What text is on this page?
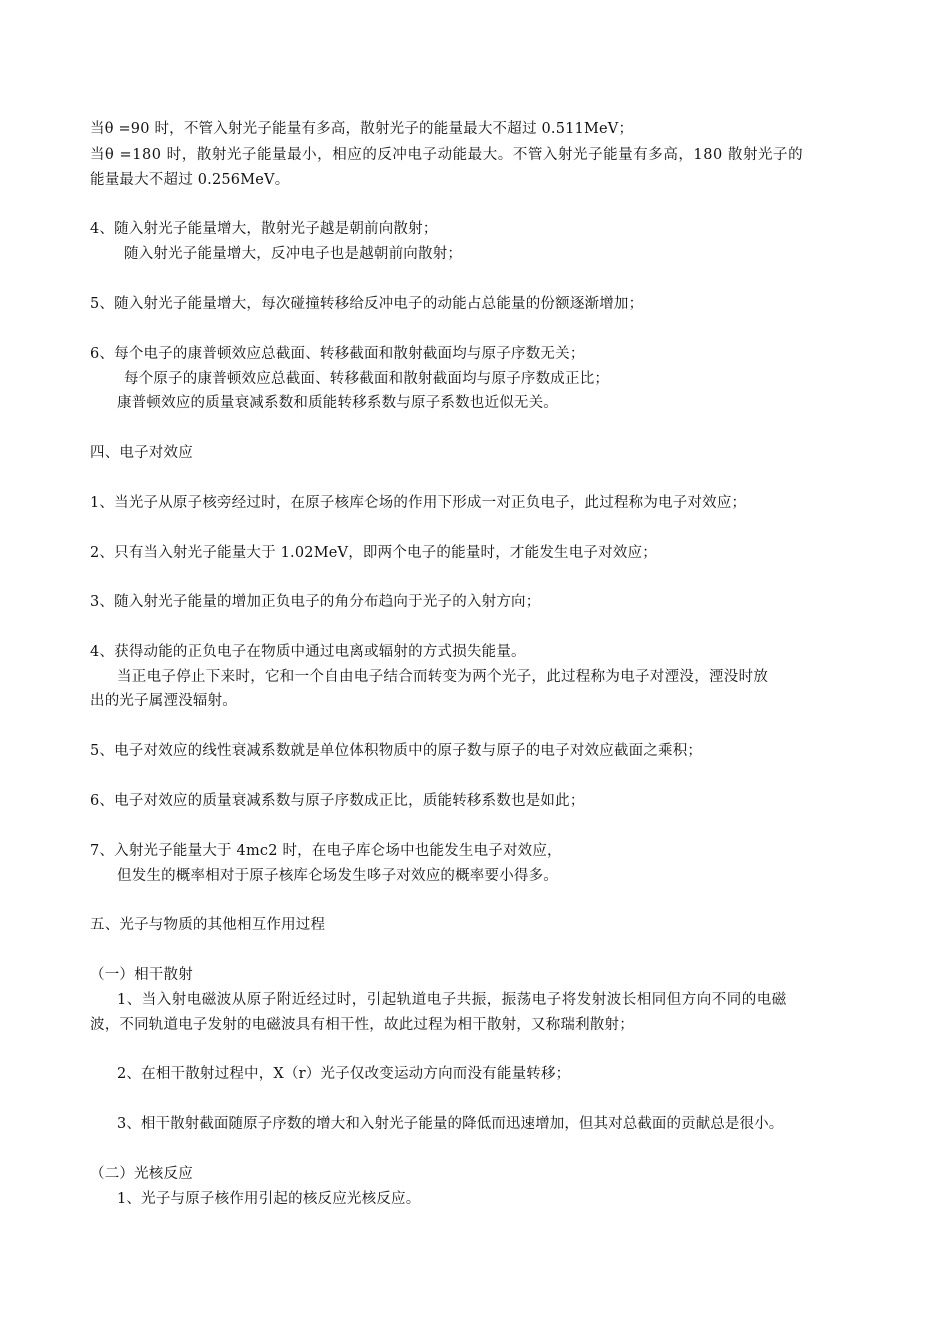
当θ =90 时，不管入射光子能量有多高，散射光子的能量最大不超过 0.511MeV；
当θ =180 时，散射光子能量最小，相应的反冲电子动能最大。不管入射光子能量有多高，180 散射光子的
能量最大不超过 0.256MeV。
4、随入射光子能量增大，散射光子越是朝前向散射；
随入射光子能量增大，反冲电子也是越朝前向散射；
5、随入射光子能量增大，每次碰撞转移给反冲电子的动能占总能量的份额逐渐增加；
6、每个电子的康普顿效应总截面、转移截面和散射截面均与原子序数无关；
每个原子的康普顿效应总截面、转移截面和散射截面均与原子序数成正比；
康普顿效应的质量衰减系数和质能转移系数与原子系数也近似无关。
四、电子对效应
1、当光子从原子核旁经过时，在原子核库仑场的作用下形成一对正负电子，此过程称为电子对效应；
2、只有当入射光子能量大于 1.02MeV，即两个电子的能量时，才能发生电子对效应；
3、随入射光子能量的增加正负电子的角分布趋向于光子的入射方向；
4、获得动能的正负电子在物质中通过电离或辐射的方式损失能量。
当正电子停止下来时，它和一个自由电子结合而转变为两个光子，此过程称为电子对湮没，湮没时放
出的光子属湮没辐射。
5、电子对效应的线性衰减系数就是单位体积物质中的原子数与原子的电子对效应截面之乘积；
6、电子对效应的质量衰减系数与原子序数成正比，质能转移系数也是如此；
7、入射光子能量大于 4mc2 时，在电子库仑场中也能发生电子对效应，
但发生的概率相对于原子核库仑场发生哆子对效应的概率要小得多。
五、光子与物质的其他相互作用过程
（一）相干散射
1、当入射电磁波从原子附近经过时，引起轨道电子共振，振荡电子将发射波长相同但方向不同的电磁
波，不同轨道电子发射的电磁波具有相干性，故此过程为相干散射，又称瑞利散射；
2、在相干散射过程中，X（r）光子仅改变运动方向而没有能量转移；
3、相干散射截面随原子序数的增大和入射光子能量的降低而迅速增加，但其对总截面的贡献总是很小。
（二）光核反应
1、光子与原子核作用引起的核反应光核反应。
